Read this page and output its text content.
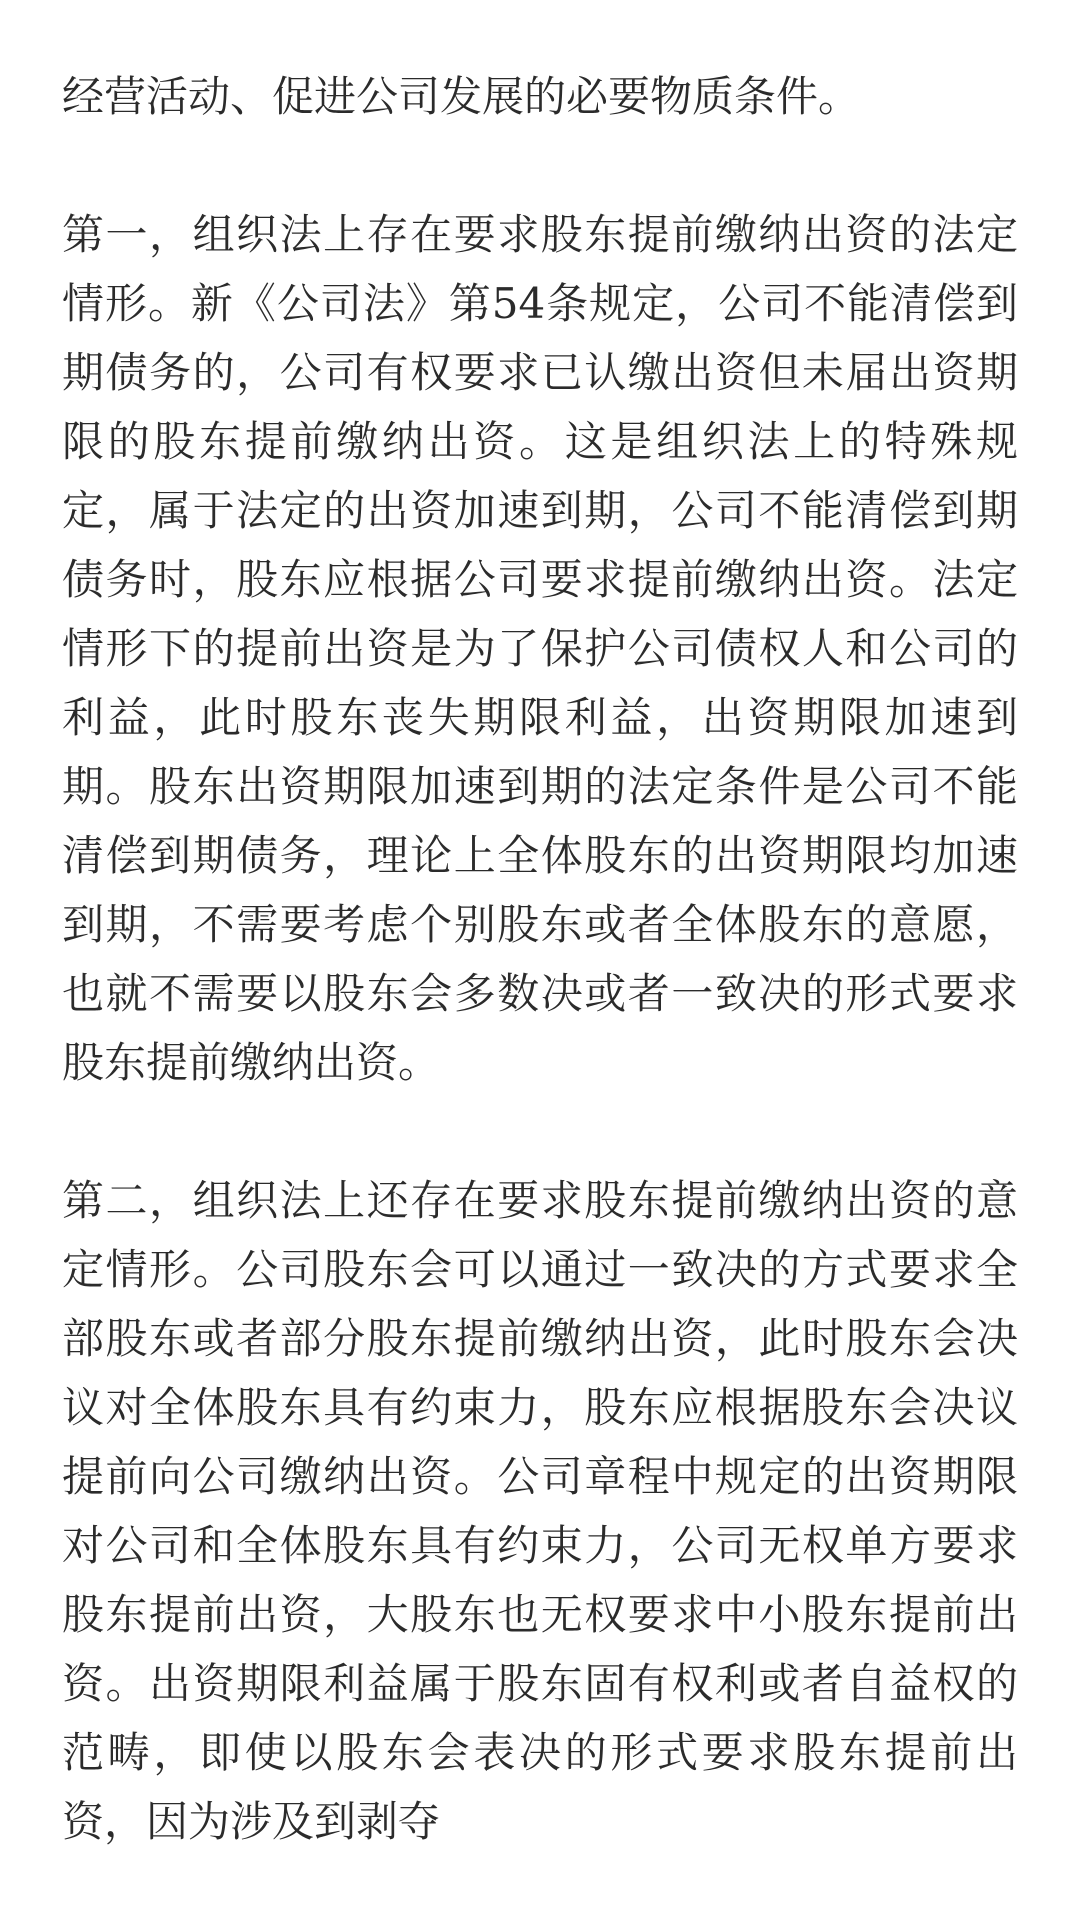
经营活动、促进公司发展的必要物质条件。

第一，组织法上存在要求股东提前缴纳出资的法定情形。新《公司法》第54条规定，公司不能清偿到期债务的，公司有权要求已认缴出资但未届出资期限的股东提前缴纳出资。这是组织法上的特殊规定，属于法定的出资加速到期，公司不能清偿到期债务时，股东应根据公司要求提前缴纳出资。法定情形下的提前出资是为了保护公司债权人和公司的利益，此时股东丧失期限利益，出资期限加速到期。股东出资期限加速到期的法定条件是公司不能清偿到期债务，理论上全体股东的出资期限均加速到期，不需要考虑个别股东或者全体股东的意愿，也就不需要以股东会多数决或者一致决的形式要求股东提前缴纳出资。

第二，组织法上还存在要求股东提前缴纳出资的意定情形。公司股东会可以通过一致决的方式要求全部股东或者部分股东提前缴纳出资，此时股东会决议对全体股东具有约束力，股东应根据股东会决议提前向公司缴纳出资。公司章程中规定的出资期限对公司和全体股东具有约束力，公司无权单方要求股东提前出资，大股东也无权要求中小股东提前出资。出资期限利益属于股东固有权利或者自益权的范畴，即使以股东会表决的形式要求股东提前出资，因为涉及到剥夺
